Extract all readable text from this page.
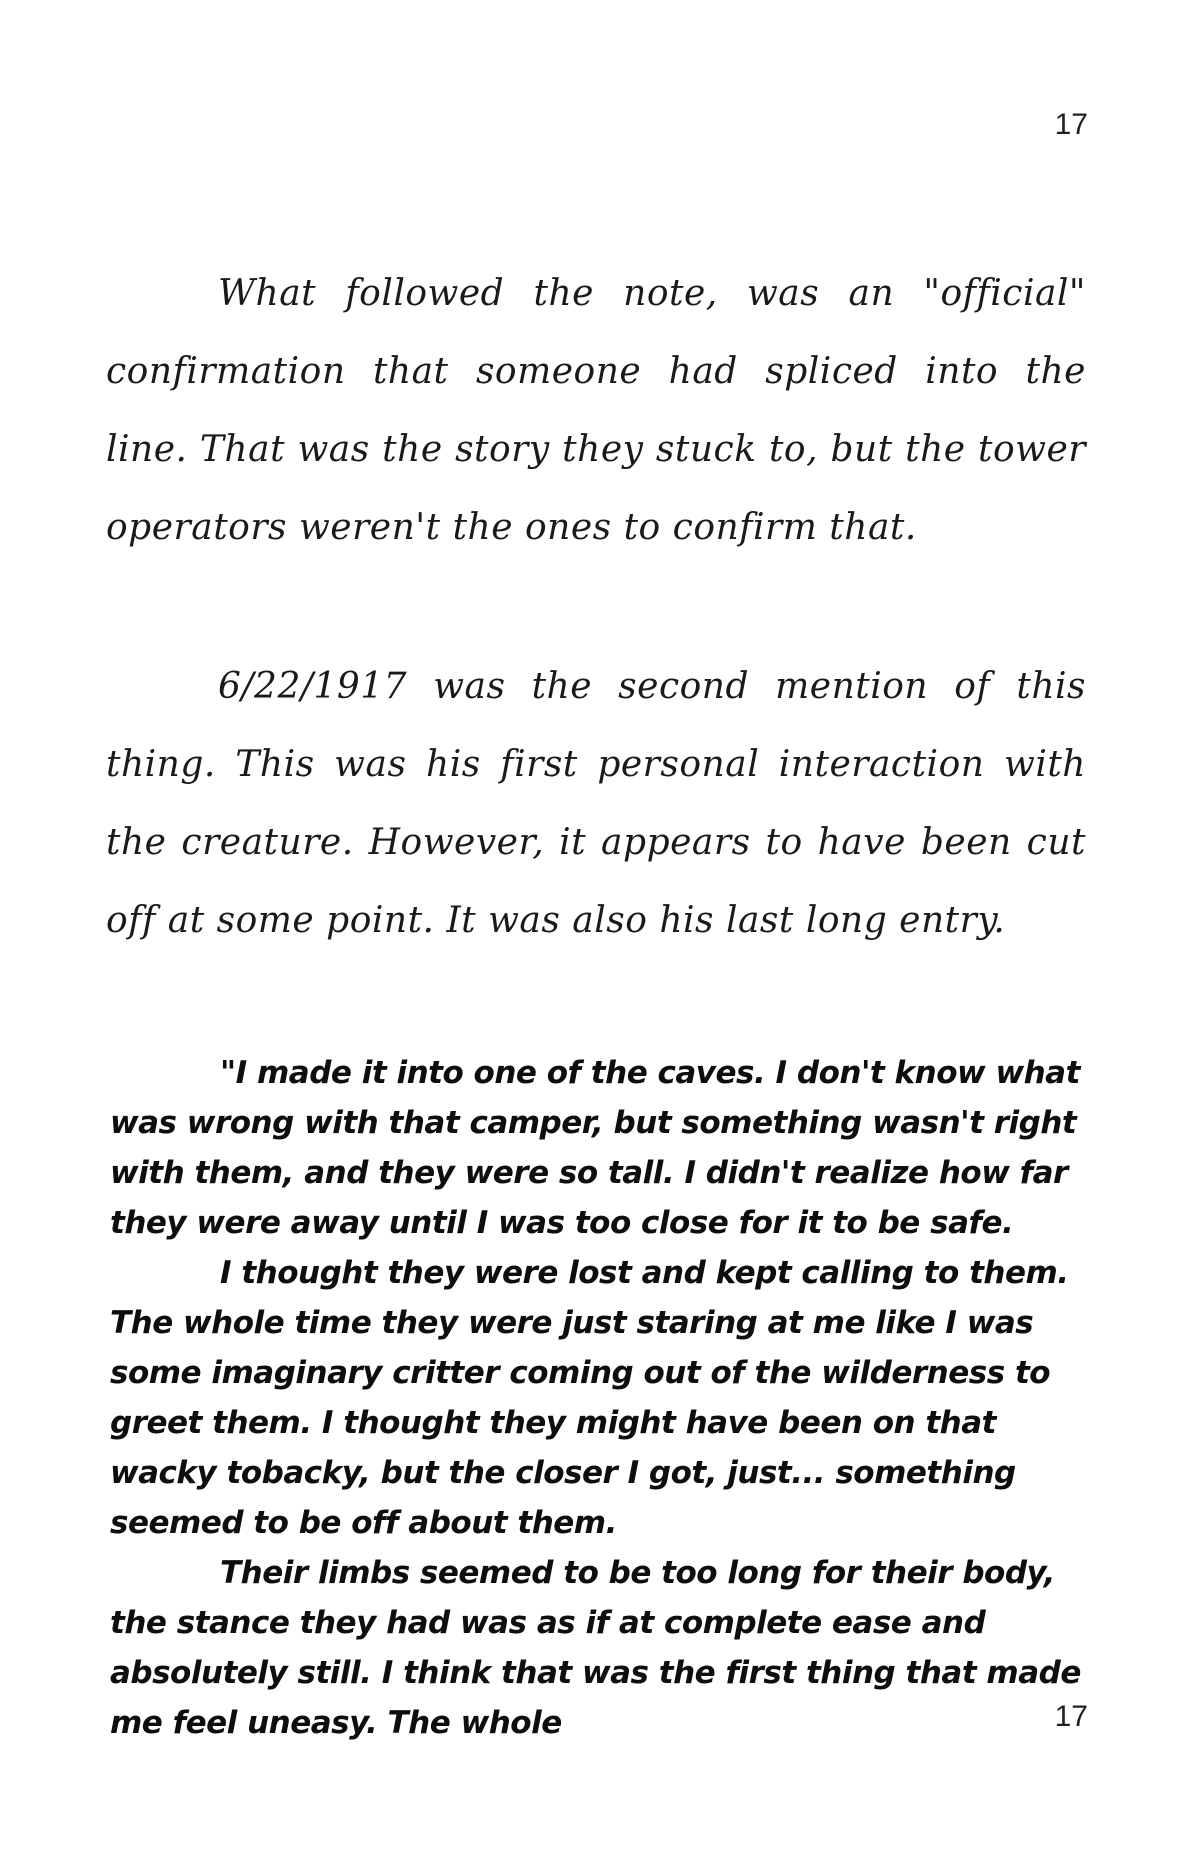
17

What followed the note, was an "official" confirmation that someone had spliced into the line. That was the story they stuck to, but the tower operators weren't the ones to confirm that.

6/22/1917 was the second mention of this thing. This was his first personal interaction with the creature. However, it appears to have been cut off at some point. It was also his last long entry.

"I made it into one of the caves. I don't know what was wrong with that camper, but something wasn't right with them, and they were so tall. I didn't realize how far they were away until I was too close for it to be safe.

I thought they were lost and kept calling to them. The whole time they were just staring at me like I was some imaginary critter coming out of the wilderness to greet them. I thought they might have been on that wacky tobacky, but the closer I got, just... something seemed to be off about them.

Their limbs seemed to be too long for their body, the stance they had was as if at complete ease and absolutely still. I think that was the first thing that made me feel uneasy. The whole	17
